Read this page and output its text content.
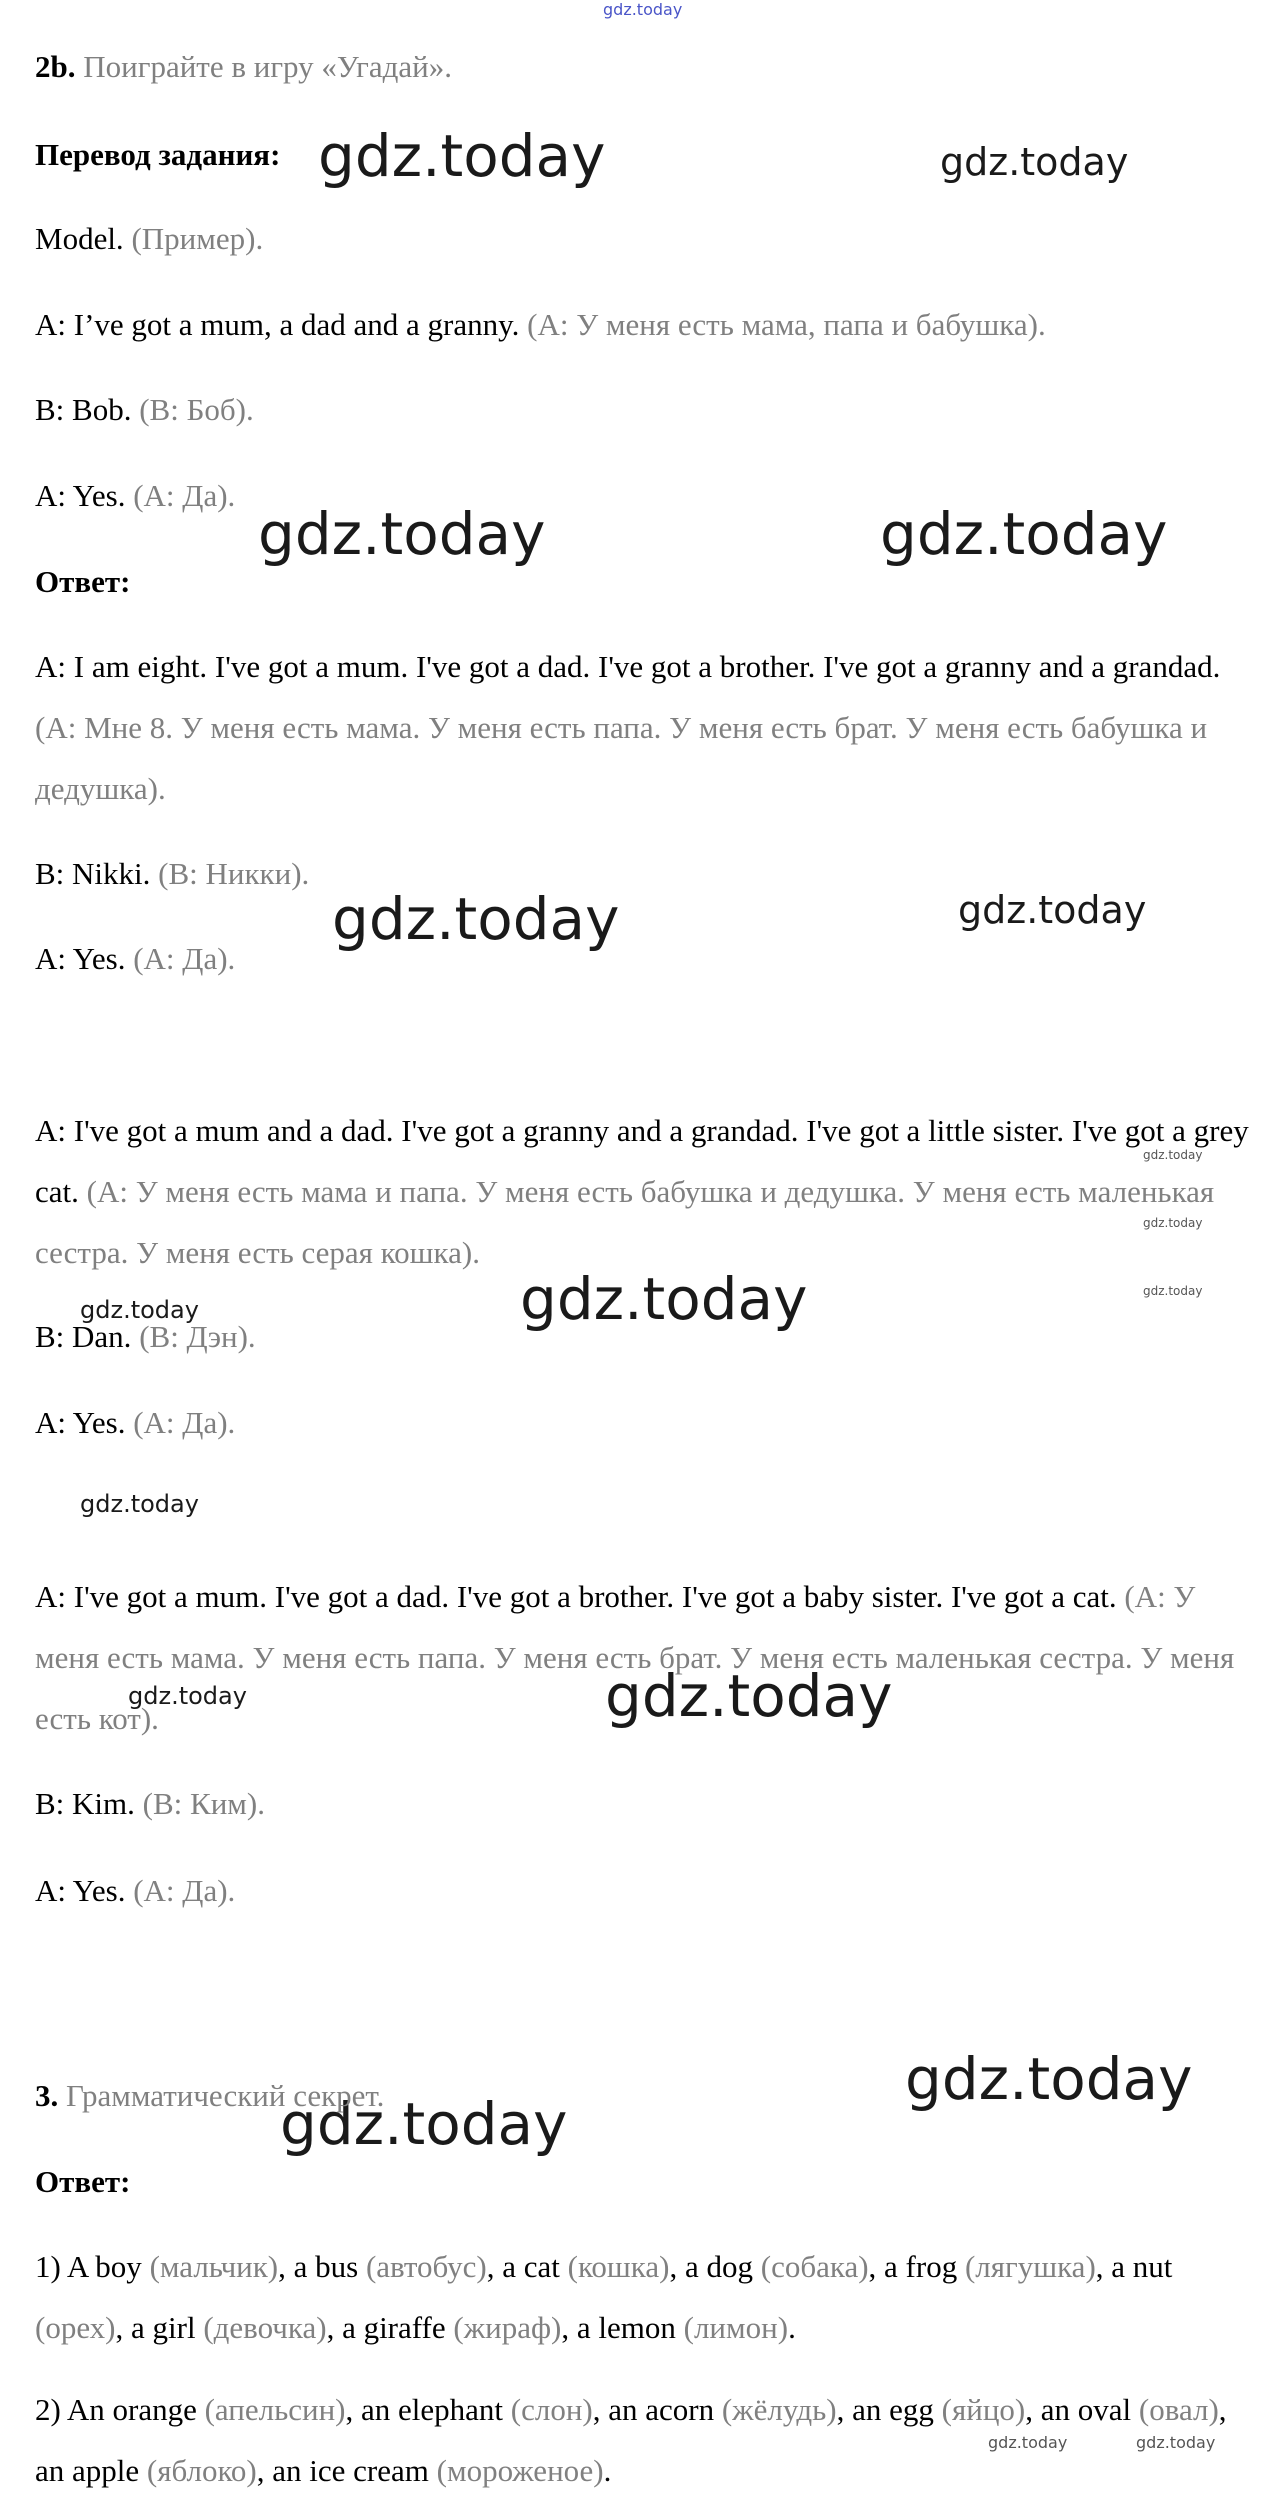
gdz.today
gdz.today	gdz.today
gdz.today	gdz.today
gdz.today	gdz.today
gdz.today
gdz.today
gdz.today
gdz.today
gdz.today
gdz.today
gdz.today	gdz.today
gdz.today
gdz.today
gdz.today	gdz.today

2b. Поиграйте в игру «Угадай».

Перевод задания:

Model. (Пример).

A: I’ve got a mum, a dad and a granny. (А: У меня есть мама, папа и бабушка).

B: Bob. (В: Боб).

A: Yes. (А: Да).

Ответ:

A: I am eight. I've got a mum. I've got a dad. I've got a brother. I've got a granny and a grandad. (А: Мне 8. У меня есть мама. У меня есть папа. У меня есть брат. У меня есть бабушка и дедушка).

B: Nikki. (В: Никки).

A: Yes. (А: Да).

A: I've got a mum and a dad. I've got a granny and a grandad. I've got a little sister. I've got a grey cat. (А: У меня есть мама и папа. У меня есть бабушка и дедушка. У меня есть маленькая сестра. У меня есть серая кошка).

B: Dan. (В: Дэн).

A: Yes. (А: Да).

A: I've got a mum. I've got a dad. I've got a brother. I've got a baby sister. I've got a cat. (А: У меня есть мама. У меня есть папа. У меня есть брат. У меня есть маленькая сестра. У меня есть кот).

B: Kim. (В: Ким).

A: Yes. (А: Да).

3. Грамматический секрет.

Ответ:

1) A boy (мальчик), a bus (автобус), a cat (кошка), a dog (собака), a frog (лягушка), a nut (орех), a girl (девочка), a giraffe (жираф), a lemon (лимон).

2) An orange (апельсин), an elephant (слон), an acorn (жёлудь), an egg (яйцо), an oval (овал), an apple (яблоко), an ice cream (мороженое).
